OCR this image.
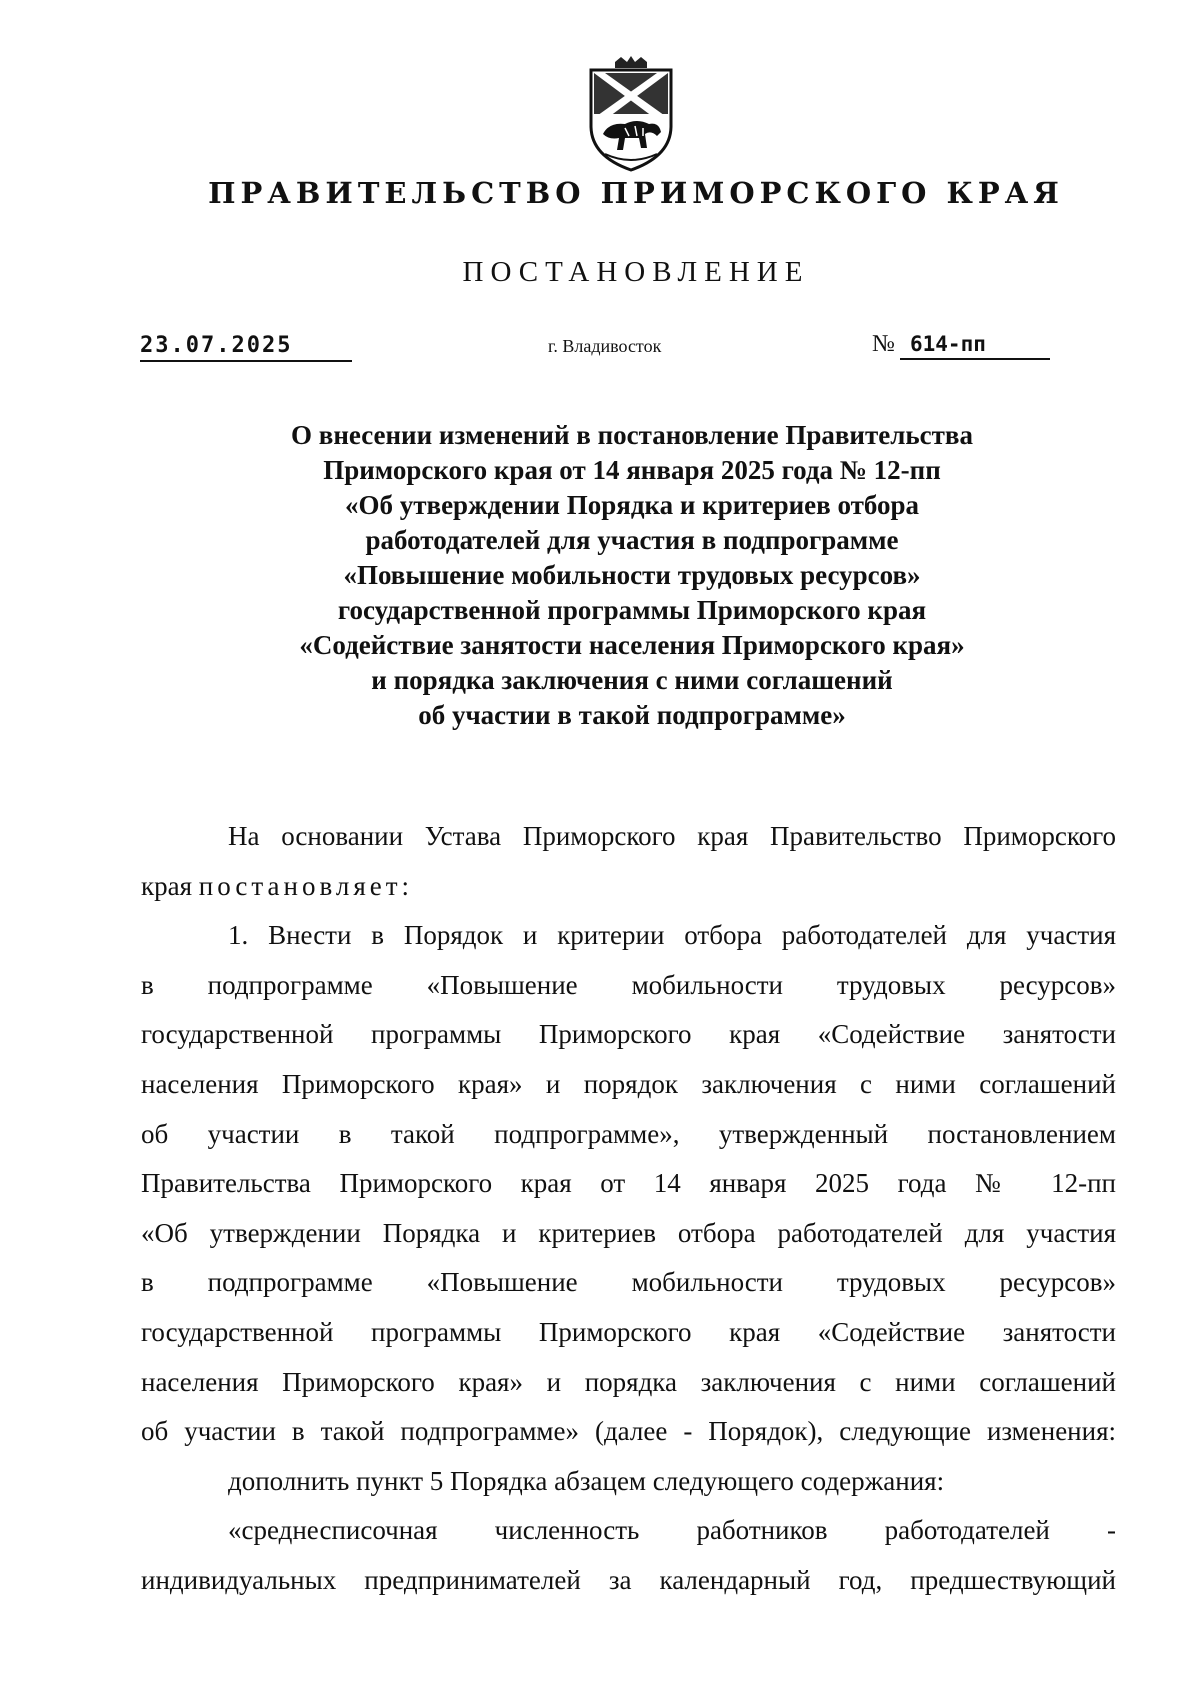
ПРАВИТЕЛЬСТВО ПРИМОРСКОГО КРАЯ
ПОСТАНОВЛЕНИЕ
23.07.2025	г. Владивосток	№ 614-пп
О внесении изменений в постановление Правительства
Приморского края от 14 января 2025 года № 12-пп
«Об утверждении Порядка и критериев отбора
работодателей для участия в подпрограмме
«Повышение мобильности трудовых ресурсов»
государственной программы Приморского края
«Содействие занятости населения Приморского края»
и порядка заключения с ними соглашений
об участии в такой подпрограмме»
На основании Устава Приморского края Правительство Приморского
края постановляет:
1. Внести в Порядок и критерии отбора работодателей для участия
в подпрограмме «Повышение мобильности трудовых ресурсов»
государственной программы Приморского края «Содействие занятости
населения Приморского края» и порядок заключения с ними соглашений
об участии в такой подпрограмме», утвержденный постановлением
Правительства Приморского края от 14 января 2025 года № 12-пп
«Об утверждении Порядка и критериев отбора работодателей для участия
в подпрограмме «Повышение мобильности трудовых ресурсов»
государственной программы Приморского края «Содействие занятости
населения Приморского края» и порядка заключения с ними соглашений
об участии в такой подпрограмме» (далее - Порядок), следующие изменения:
дополнить пункт 5 Порядка абзацем следующего содержания:
«среднесписочная численность работников работодателей -
индивидуальных предпринимателей за календарный год, предшествующий
